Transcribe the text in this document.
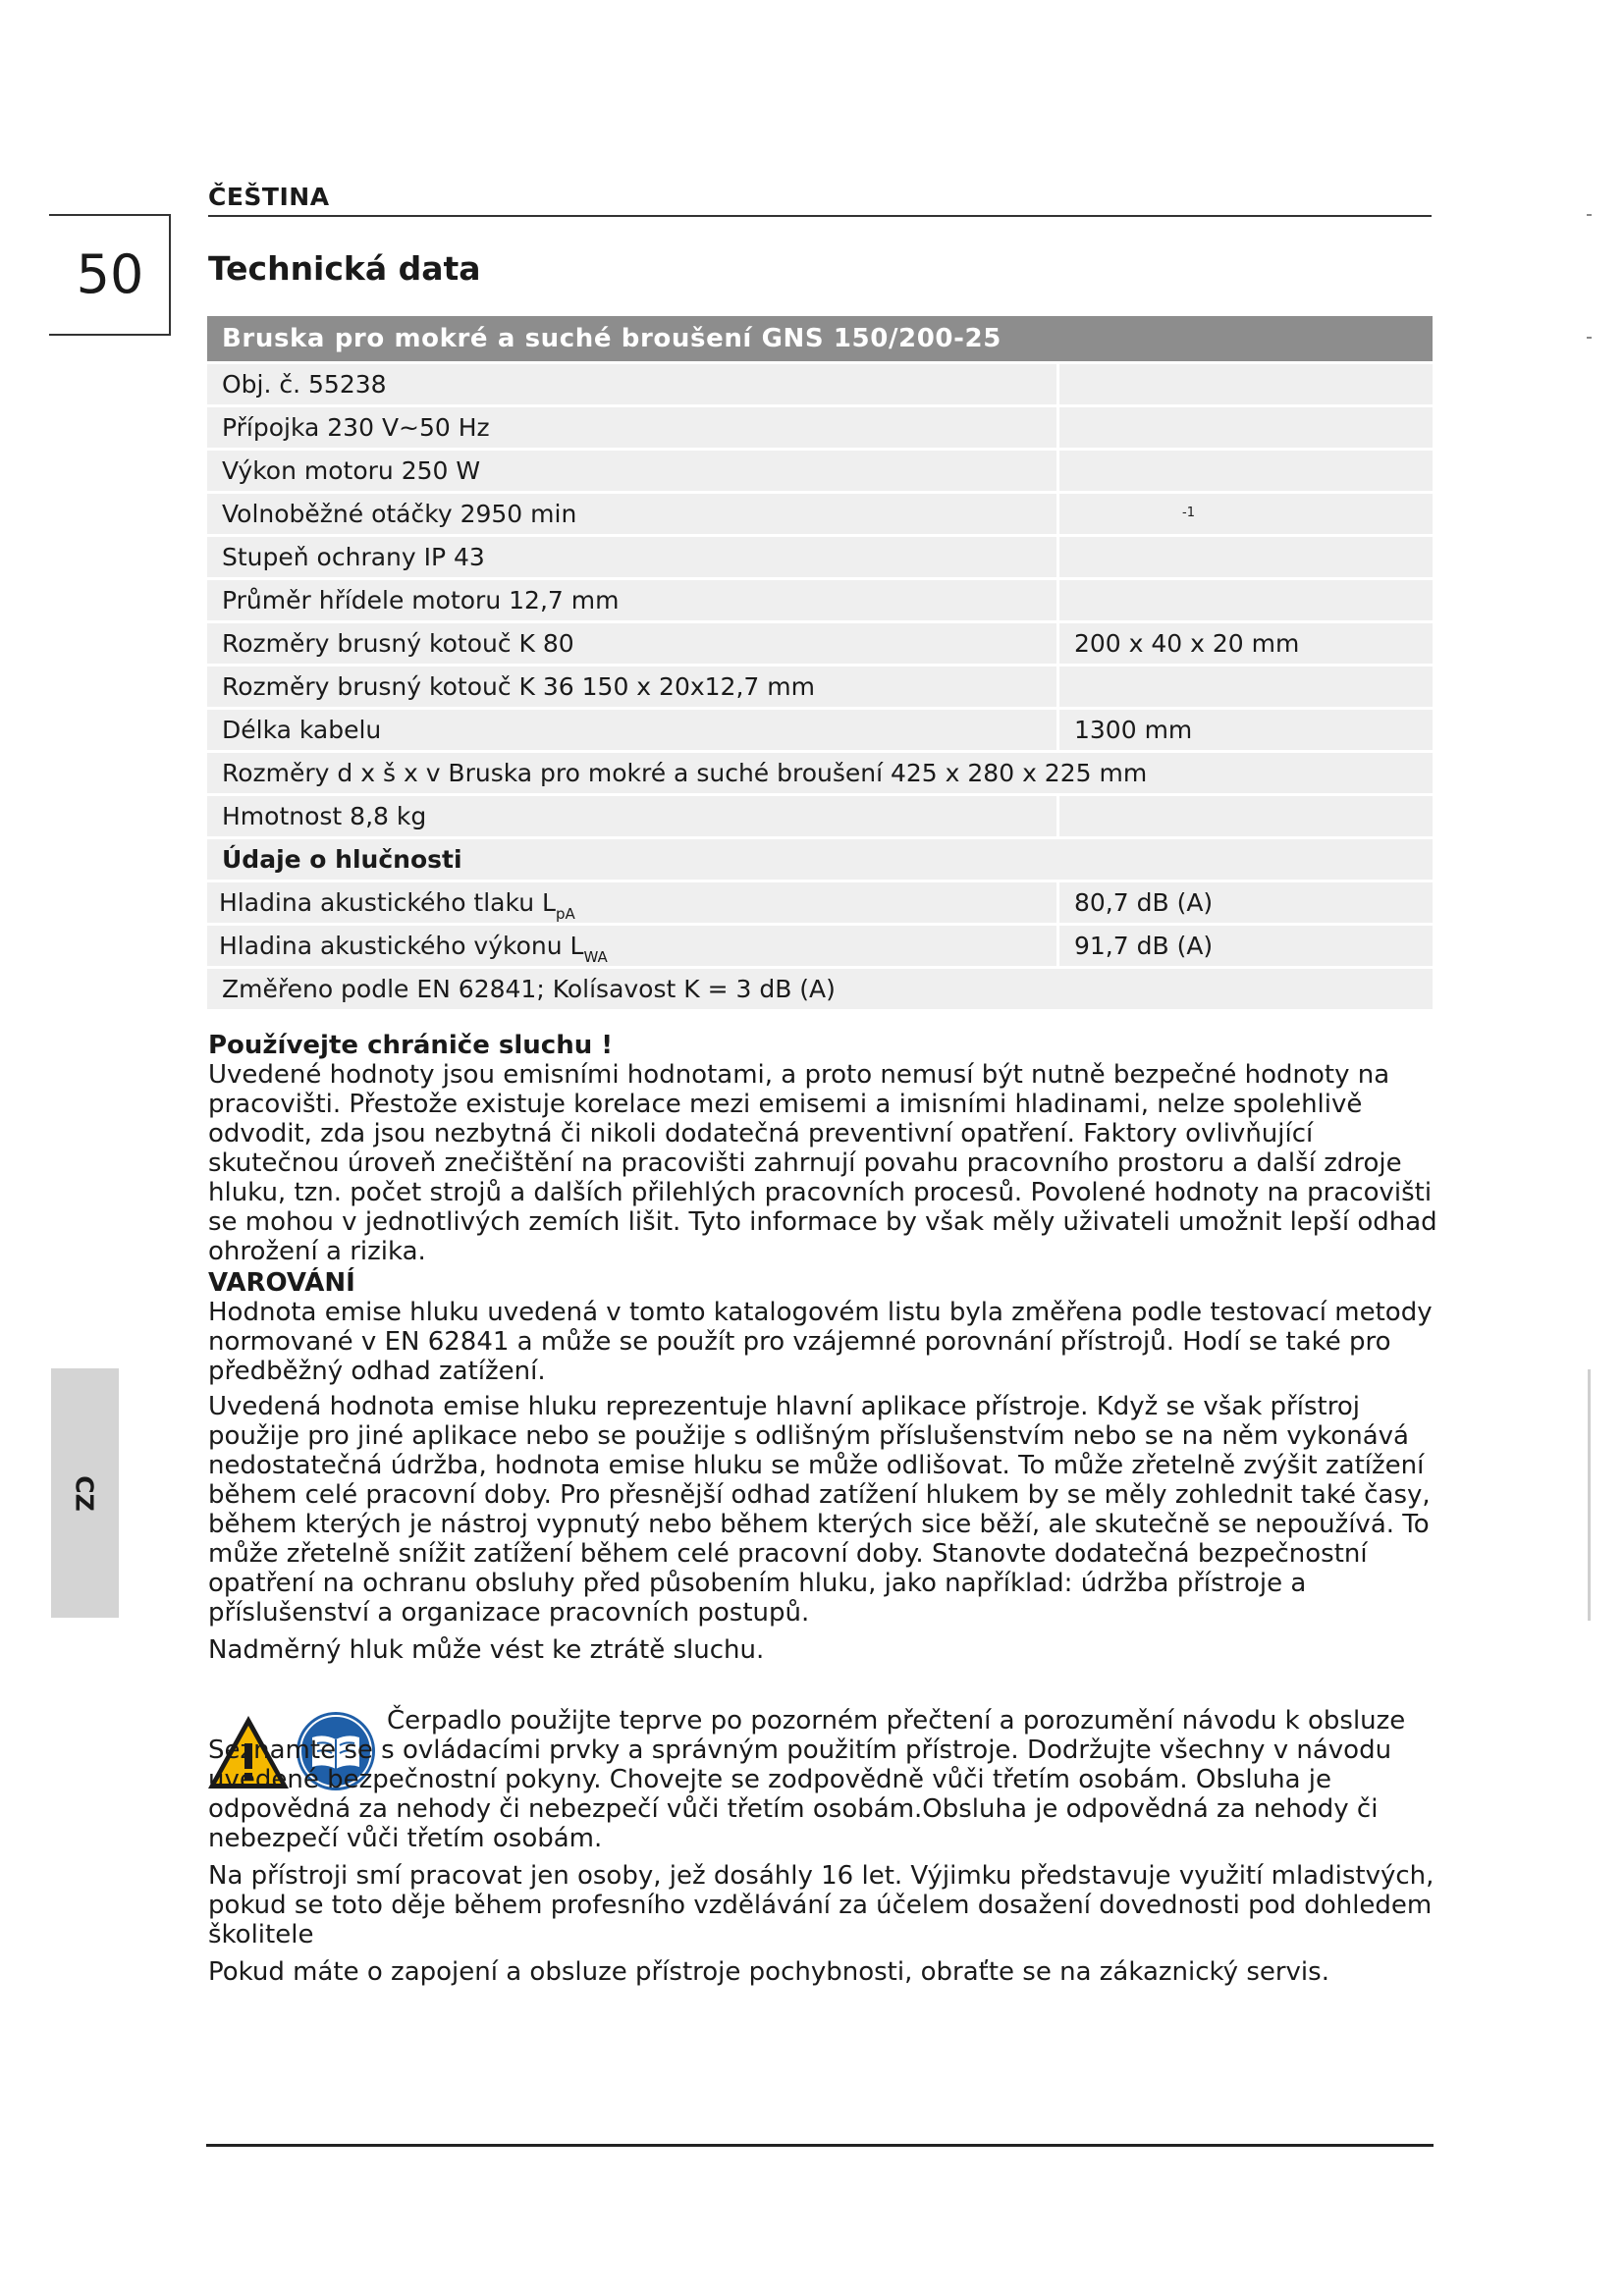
ČEŠTINA
50	Technická data
Bruska pro mokré a suché broušení GNS 150/200-25	
Obj. č. 55238	
Přípojka 230 V~50 Hz	
Výkon motoru 250 W	
Volnoběžné otáčky 2950 min	$^{-1}$
Stupeň ochrany IP 43	
Průměr hřídele motoru 12,7 mm	
Rozměry brusný kotouč K 80	200 x 40 x 20 mm
Rozměry brusný kotouč K 36 150 x 20x12,7 mm	
Délka kabelu	1300 mm
Rozměry d x š x v Bruska pro mokré a suché broušení 425 x 280 x 225 mm	
Hmotnost 8,8 kg	
Údaje o hlučnosti	
Hladina akustického tlaku $L_{pA}$	80,7 dB (A)
Hladina akustického výkonu $L_{WA}$	91,7 dB (A)
Změřeno podle EN 62841; Kolísavost K = 3 dB (A)	

Používejte chrániče sluchu !

Uvedené hodnoty jsou emisními hodnotami, a proto nemusí být nutně bezpečné hodnoty na pracovišti. Přestože existuje korelace mezi emisemi a imisními hladinami, nelze spolehlivě odvodit, zda jsou nezbytná či nikoli dodatečná preventivní opatření. Faktory ovlivňující skutečnou úroveň znečištění na pracovišti zahrnují povahu pracovního prostoru a další zdroje hluku, tzn. počet strojů a dalších přilehlých pracovních procesů. Povolené hodnoty na pracovišti se mohou v jednotlivých zemích lišit. Tyto informace by však měly uživateli umožnit lepší odhad ohrožení a rizika.

VAROVÁNÍ

Hodnota emise hluku uvedená v tomto katalogovém listu byla změřena podle testovací metody normované v EN 62841 a může se použít pro vzájemné porovnání přístrojů. Hodí se také pro předběžný odhad zatížení.

Uvedená hodnota emise hluku reprezentuje hlavní aplikace přístroje. Když se však přístroj použije pro jiné aplikace nebo se použije s odlišným příslušenstvím nebo se na něm vykonává nedostatečná údržba, hodnota emise hluku se může odlišovat. To může zřetelně zvýšit zatížení během celé pracovní doby. Pro přesnější odhad zatížení hlukem by se měly zohlednit také časy, během kterých je nástroj vypnutý nebo během kterých sice běží, ale skutečně se nepoužívá. To může zřetelně snížit zatížení během celé pracovní doby. Stanovte dodatečná bezpečnostní opatření na ochranu obsluhy před působením hluku, jako například: údržba přístroje a příslušenství a organizace pracovních postupů.

Nadměrný hluk může vést ke ztrátě sluchu.

Čerpadlo použijte teprve po pozorném přečtení a porozumění návodu k obsluze Seznamte se s ovládacími prvky a správným použitím přístroje. Dodržujte všechny v návodu uvedené bezpečnostní pokyny. Chovejte se zodpovědně vůči třetím osobám. Obsluha je odpovědná za nehody či nebezpečí vůči třetím osobám.Obsluha je odpovědná za nehody či nebezpečí vůči třetím osobám.

Na přístroji smí pracovat jen osoby, jež dosáhly 16 let. Výjimku představuje využití mladistvých, pokud se toto děje během profesního vzdělávání za účelem dosažení dovednosti pod dohledem školitele

Pokud máte o zapojení a obsluze přístroje pochybnosti, obraťte se na zákaznický servis.

CZ
